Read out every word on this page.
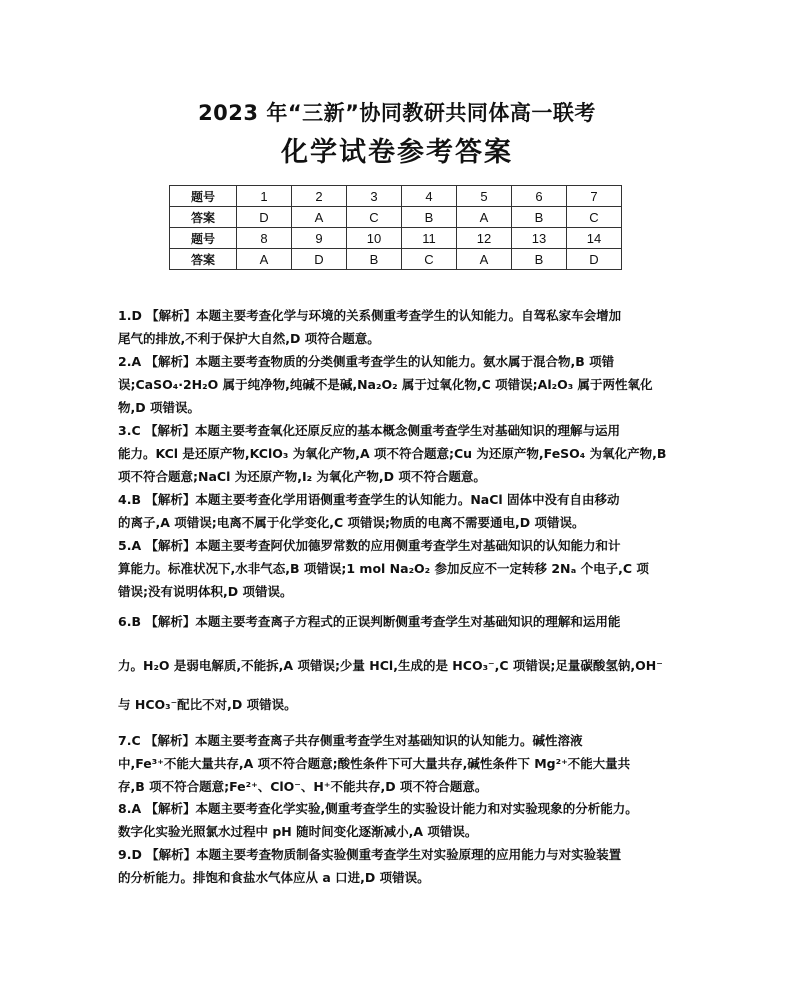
2023 年“三新”协同教研共同体高一联考
化学试卷参考答案
题号	1	2	3	4	5	6	7
答案	D	A	C	B	A	B	C
题号	8	9	10	11	12	13	14
答案	A	D	B	C	A	B	D
1.D 【解析】本题主要考查化学与环境的关系侧重考查学生的认知能力。自驾私家车会增加
尾气的排放,不利于保护大自然,D 项符合题意。
2.A 【解析】本题主要考查物质的分类侧重考查学生的认知能力。氨水属于混合物,B 项错
误;CaSO₄·2H₂O 属于纯净物,纯碱不是碱,Na₂O₂ 属于过氧化物,C 项错误;Al₂O₃ 属于两性氧化
物,D 项错误。
3.C 【解析】本题主要考查氧化还原反应的基本概念侧重考查学生对基础知识的理解与运用
能力。KCl 是还原产物,KClO₃ 为氧化产物,A 项不符合题意;Cu 为还原产物,FeSO₄ 为氧化产物,B
项不符合题意;NaCl 为还原产物,I₂ 为氧化产物,D 项不符合题意。
4.B 【解析】本题主要考查化学用语侧重考查学生的认知能力。NaCl 固体中没有自由移动
的离子,A 项错误;电离不属于化学变化,C 项错误;物质的电离不需要通电,D 项错误。
5.A 【解析】本题主要考查阿伏加德罗常数的应用侧重考查学生对基础知识的认知能力和计
算能力。标准状况下,水非气态,B 项错误;1 mol Na₂O₂ 参加反应不一定转移 2Nₐ 个电子,C 项
错误;没有说明体积,D 项错误。
6.B 【解析】本题主要考查离子方程式的正误判断侧重考查学生对基础知识的理解和运用能
力。H₂O 是弱电解质,不能拆,A 项错误;少量 HCl,生成的是 HCO₃⁻,C 项错误;足量碳酸氢钠,OH⁻
与 HCO₃⁻配比不对,D 项错误。
7.C 【解析】本题主要考查离子共存侧重考查学生对基础知识的认知能力。碱性溶液
中,Fe³⁺不能大量共存,A 项不符合题意;酸性条件下可大量共存,碱性条件下 Mg²⁺不能大量共
存,B 项不符合题意;Fe²⁺、ClO⁻、H⁺不能共存,D 项不符合题意。
8.A 【解析】本题主要考查化学实验,侧重考查学生的实验设计能力和对实验现象的分析能力。
数字化实验光照氯水过程中 pH 随时间变化逐渐减小,A 项错误。
9.D 【解析】本题主要考查物质制备实验侧重考查学生对实验原理的应用能力与对实验装置
的分析能力。排饱和食盐水气体应从 a 口进,D 项错误。
